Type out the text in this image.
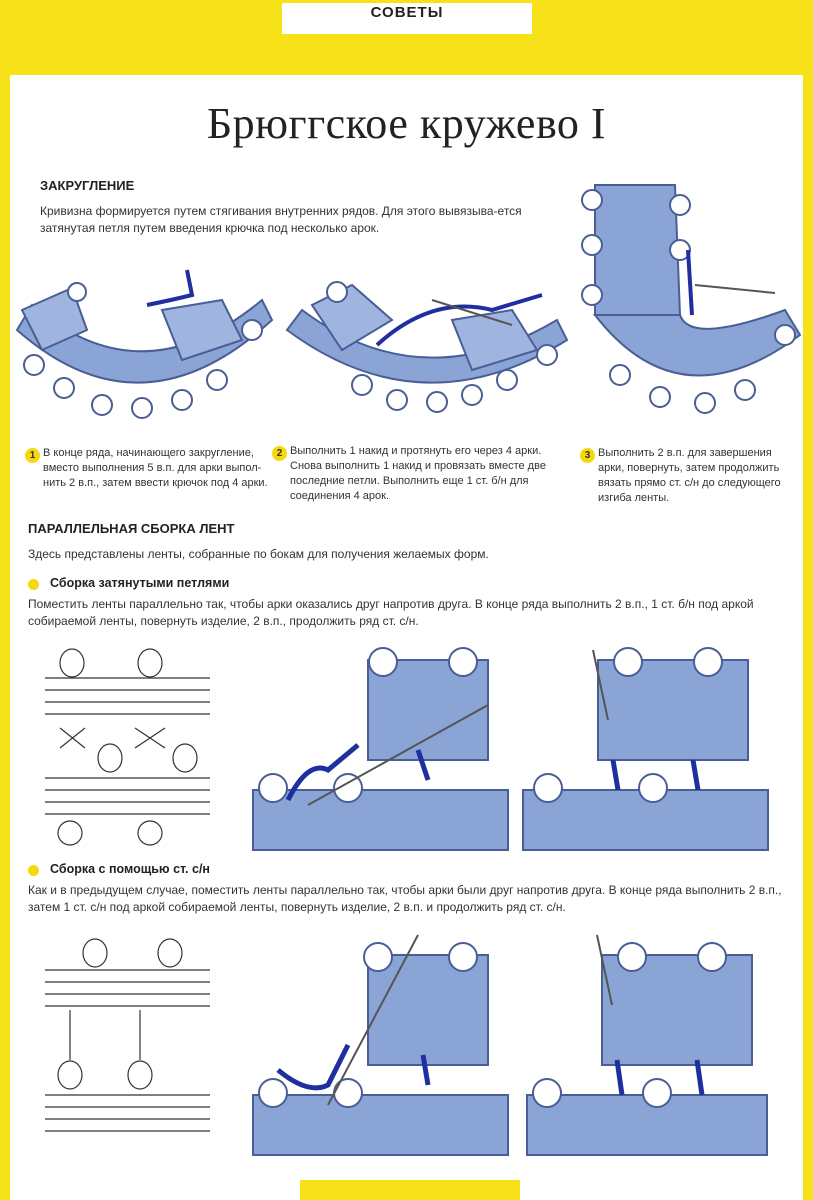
СОВЕТЫ
Брюггское кружево I
ЗАКРУГЛЕНИЕ

Кривизна формируется путем стягивания внутренних рядов. Для этого вывязыва-ется затянутая петля путем введения крючка под несколько арок.

1 В конце ряда, начинающего закругление, вместо выполнения 5 в.п. для арки выпол-нить 2 в.п., затем ввести крючок под 4 арки.

2 Выполнить 1 накид и протянуть его через 4 арки. Снова выполнить 1 накид и провязать вместе две последние петли. Выполнить еще 1 ст. б/н для соединения 4 арок.

3 Выполнить 2 в.п. для завершения арки, повернуть, затем продолжить вязать прямо ст. с/н до следующего изгиба ленты.

ПАРАЛЛЕЛЬНАЯ СБОРКА ЛЕНТ

Здесь представлены ленты, собранные по бокам для получения желаемых форм.

Сборка затянутыми петлями

Поместить ленты параллельно так, чтобы арки оказались друг напротив друга. В конце ряда выполнить 2 в.п., 1 ст. б/н под аркой собираемой ленты, повернуть изделие, 2 в.п., продолжить ряд ст. с/н.

Сборка с помощью ст. с/н

Как и в предыдущем случае, поместить ленты параллельно так, чтобы арки были друг напротив друга. В конце ряда выполнить 2 в.п., затем 1 ст. с/н под аркой собираемой ленты, повернуть изделие, 2 в.п. и продолжить ряд ст. с/н.
